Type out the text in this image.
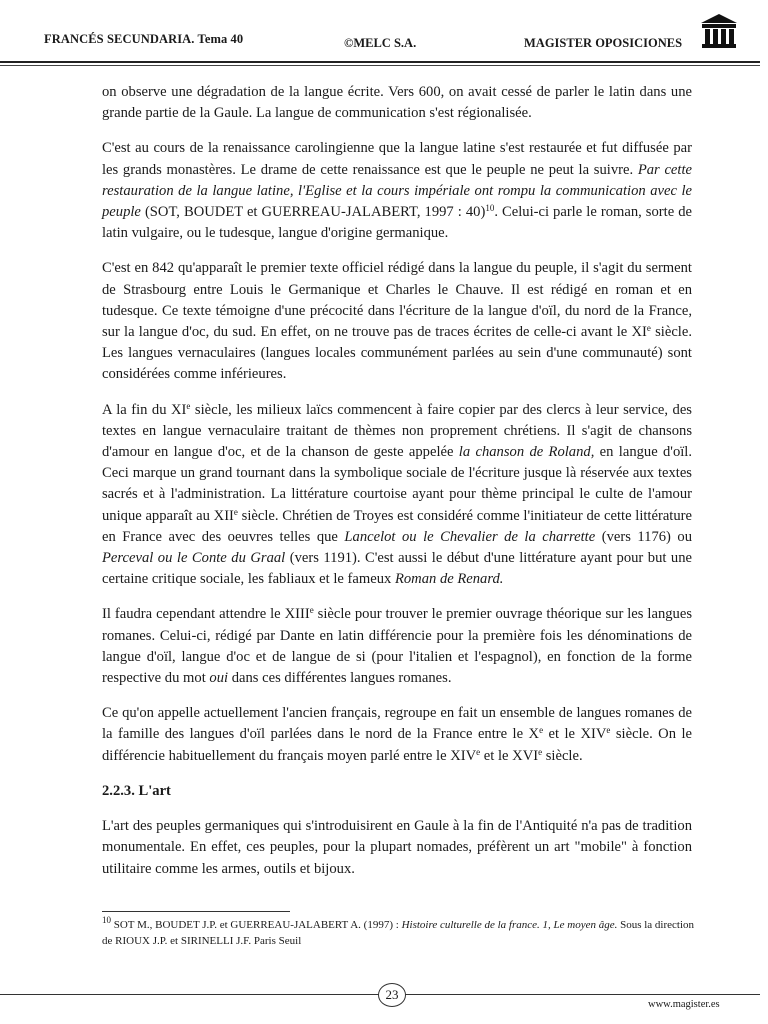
FRANCÉS SECUNDARIA. Tema 40	©MELC S.A.	MAGISTER OPOSICIONES

on observe une dégradation de la langue écrite. Vers 600, on avait cessé de parler le latin dans une grande partie de la Gaule. La langue de communication s'est régionalisée.

C'est au cours de la renaissance carolingienne que la langue latine s'est restaurée et fut diffusée par les grands monastères. Le drame de cette renaissance est que le peuple ne peut la suivre. Par cette restauration de la langue latine, l'Eglise et la cours impériale ont rompu la communication avec le peuple (SOT, BOUDET et GUERREAU-JALABERT, 1997 : 40)$^{10}$. Celui-ci parle le roman, sorte de latin vulgaire, ou le tudesque, langue d'origine germanique.

C'est en 842 qu'apparaît le premier texte officiel rédigé dans la langue du peuple, il s'agit du serment de Strasbourg entre Louis le Germanique et Charles le Chauve. Il est rédigé en roman et en tudesque. Ce texte témoigne d'une précocité dans l'écriture de la langue d'oïl, du nord de la France, sur la langue d'oc, du sud. En effet, on ne trouve pas de traces écrites de celle-ci avant le XIe siècle. Les langues vernaculaires (langues locales communément parlées au sein d'une communauté) sont considérées comme inférieures.

A la fin du XIe siècle, les milieux laïcs commencent à faire copier par des clercs à leur service, des textes en langue vernaculaire traitant de thèmes non proprement chrétiens. Il s'agit de chansons d'amour en langue d'oc, et de la chanson de geste appelée la chanson de Roland, en langue d'oïl. Ceci marque un grand tournant dans la symbolique sociale de l'écriture jusque là réservée aux textes sacrés et à l'administration. La littérature courtoise ayant pour thème principal le culte de l'amour unique apparaît au XIIe siècle. Chrétien de Troyes est considéré comme l'initiateur de cette littérature en France avec des oeuvres telles que Lancelot ou le Chevalier de la charrette (vers 1176) ou Perceval ou le Conte du Graal (vers 1191). C'est aussi le début d'une littérature ayant pour but une certaine critique sociale, les fabliaux et le fameux Roman de Renard.

Il faudra cependant attendre le XIIIe siècle pour trouver le premier ouvrage théorique sur les langues romanes. Celui-ci, rédigé par Dante en latin différencie pour la première fois les dénominations de langue d'oïl, langue d'oc et de langue de si (pour l'italien et l'espagnol), en fonction de la forme respective du mot oui dans ces différentes langues romanes.

Ce qu'on appelle actuellement l'ancien français, regroupe en fait un ensemble de langues romanes de la famille des langues d'oïl parlées dans le nord de la France entre le Xe et le XIVe siècle. On le différencie habituellement du français moyen parlé entre le XIVe et le XVIe siècle.

2.2.3. L'art

L'art des peuples germaniques qui s'introduisirent en Gaule à la fin de l'Antiquité n'a pas de tradition monumentale. En effet, ces peuples, pour la plupart nomades, préfèrent un art "mobile" à fonction utilitaire comme les armes, outils et bijoux.

$^{10}$ SOT M., BOUDET J.P. et GUERREAU-JALABERT A. (1997) : Histoire culturelle de la france. 1, Le moyen âge. Sous la direction de RIOUX J.P. et SIRINELLI J.F. Paris Seuil
23
www.magister.es
